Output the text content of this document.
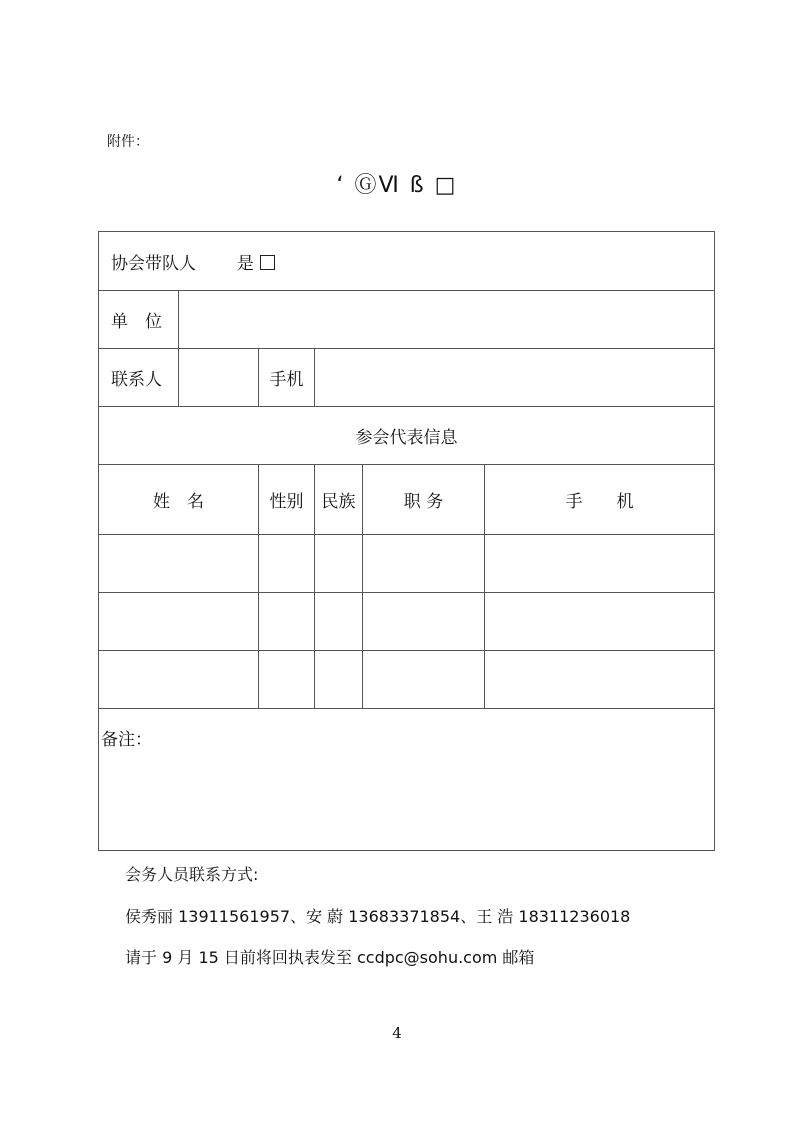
附件：
ʻ ⒼⅥ ß □
协会带队人 是					
单　位					
联系人		手机			
参会代表信息					
姓　名		性别	民族	职 务	手　　机

备注：					
会务人员联系方式:
侯秀丽 13911561957、安 蔚 13683371854、王 浩 18311236018
请于 9 月 15 日前将回执表发至 ccdpc@sohu.com 邮箱
4
